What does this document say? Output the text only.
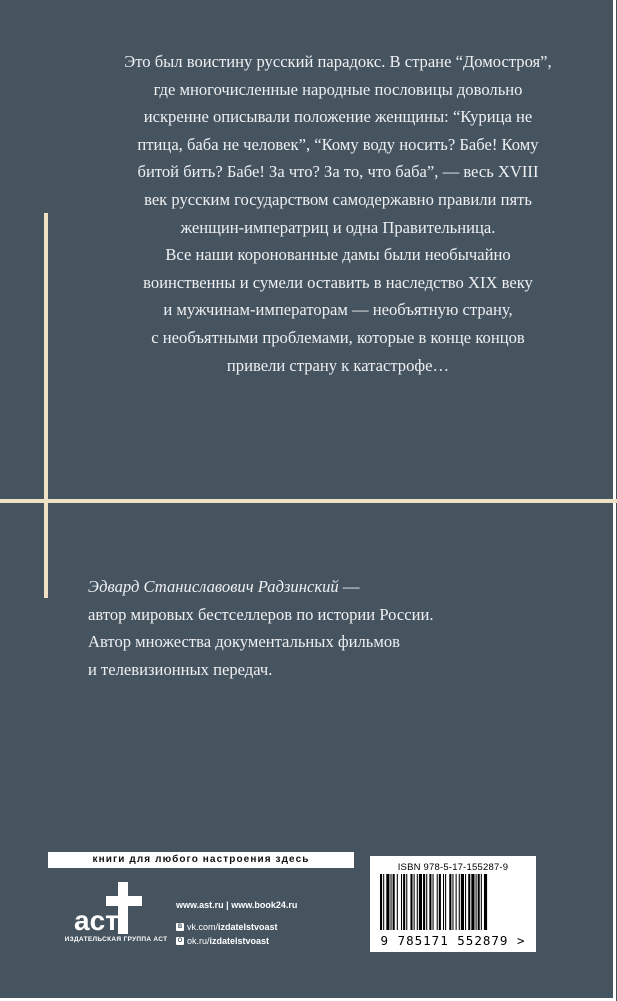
Это был воистину русский парадокс. В стране “Домостроя”,

где многочисленные народные пословицы довольно

искренне описывали положение женщины: “Курица не

птица, баба не человек”, “Кому воду носить? Бабе! Кому

битой бить? Бабе! За что? За то, что баба”, — весь XVIII

век русским государством самодержавно правили пять

женщин-императриц и одна Правительница.

Все наши коронованные дамы были необычайно

воинственны и сумели оставить в наследство XIX веку

и мужчинам-императорам — необъятную страну,

с необъятными проблемами, которые в конце концов

привели страну к катастрофе…

Эдвард Станиславович Радзинский —

автор мировых бестселлеров по истории России.

Автор множества документальных фильмов

и телевизионных передач.

книги для любого настроения здесь
аст
ИЗДАТЕЛЬСКАЯ ГРУППА АСТ
www.ast.ru | www.book24.ru
В vk.com/izdatelstvoast
О ok.ru/izdatelstvoast
ISBN 978-5-17-155287-9
9 785171 552879 >
